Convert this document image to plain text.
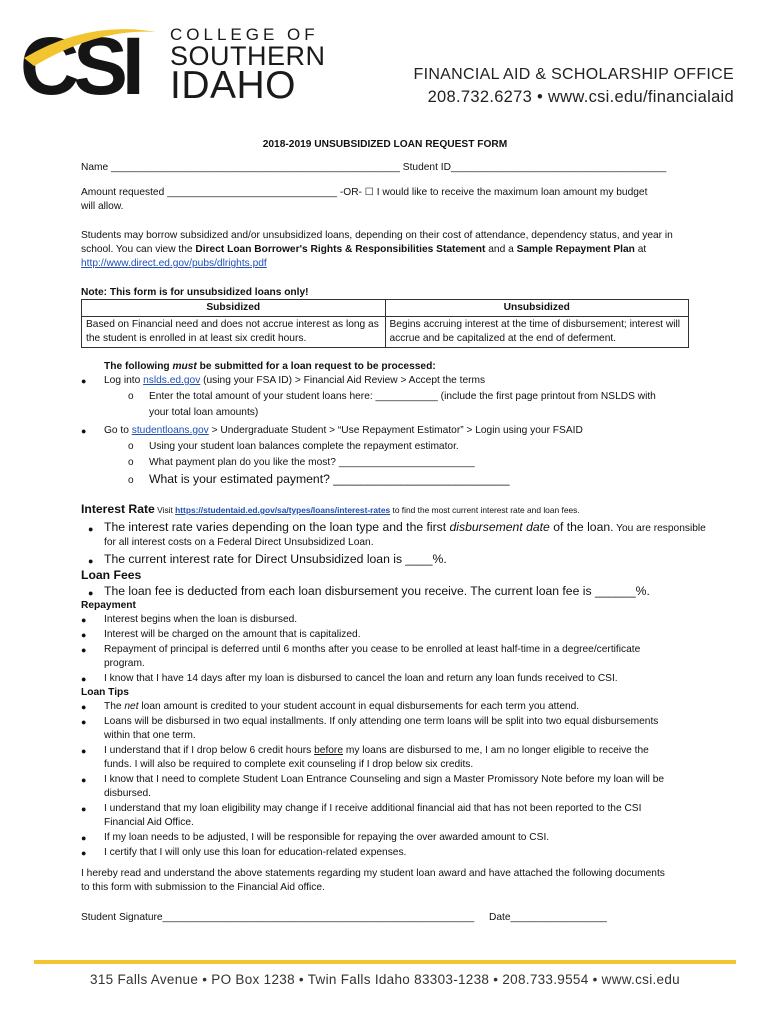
CSI COLLEGE OF
SOUTHERN
IDAHO	FINANCIAL AID & SCHOLARSHIP OFFICE
208.732.6273 • www.csi.edu/financialaid
2018-2019 UNSUBSIDIZED LOAN REQUEST FORM
Name ___________________________________________________ Student ID______________________________________
Amount requested ______________________________ -OR- ☐ I would like to receive the maximum loan amount my budget
will allow.
Students may borrow subsidized and/or unsubsidized loans, depending on their cost of attendance, dependency status, and year in
school. You can view the Direct Loan Borrower's Rights & Responsibilities Statement and a Sample Repayment Plan at
http://www.direct.ed.gov/pubs/dlrights.pdf
Note: This form is for unsubsidized loans only!
Subsidized	Unsubsidized
Based on Financial need and does not accrue interest as long as the student is enrolled in at least six credit hours.	Begins accruing interest at the time of disbursement; interest will accrue and be capitalized at the end of deferment.
The following must be submitted for a loan request to be processed:
● Log into nslds.ed.gov (using your FSA ID) > Financial Aid Review > Accept the terms
o Enter the total amount of your student loans here: ___________ (include the first page printout from NSLDS with
your total loan amounts)
● Go to studentloans.gov > Undergraduate Student > “Use Repayment Estimator” > Login using your FSAID
o Using your student loan balances complete the repayment estimator.
o What payment plan do you like the most? ________________________
o What is your estimated payment? __________________________
Interest Rate Visit https://studentaid.ed.gov/sa/types/loans/interest-rates to find the most current interest rate and loan fees.
● The interest rate varies depending on the loan type and the first disbursement date of the loan. You are responsible
for all interest costs on a Federal Direct Unsubsidized Loan.
● The current interest rate for Direct Unsubsidized loan is ____%.
Loan Fees
● The loan fee is deducted from each loan disbursement you receive. The current loan fee is ______%.
Repayment
● Interest begins when the loan is disbursed.
● Interest will be charged on the amount that is capitalized.
● Repayment of principal is deferred until 6 months after you cease to be enrolled at least half-time in a degree/certificate
program.
● I know that I have 14 days after my loan is disbursed to cancel the loan and return any loan funds received to CSI.
Loan Tips
● The net loan amount is credited to your student account in equal disbursements for each term you attend.
● Loans will be disbursed in two equal installments. If only attending one term loans will be split into two equal disbursements
within that one term.
● I understand that if I drop below 6 credit hours before my loans are disbursed to me, I am no longer eligible to receive the
funds. I will also be required to complete exit counseling if I drop below six credits.
● I know that I need to complete Student Loan Entrance Counseling and sign a Master Promissory Note before my loan will be
disbursed.
● I understand that my loan eligibility may change if I receive additional financial aid that has not been reported to the CSI
Financial Aid Office.
● If my loan needs to be adjusted, I will be responsible for repaying the over awarded amount to CSI.
● I certify that I will only use this loan for education-related expenses.
I hereby read and understand the above statements regarding my student loan award and have attached the following documents
to this form with submission to the Financial Aid office.
Student Signature_______________________________________________________ Date_________________
315 Falls Avenue • PO Box 1238 • Twin Falls Idaho 83303-1238 • 208.733.9554 • www.csi.edu
